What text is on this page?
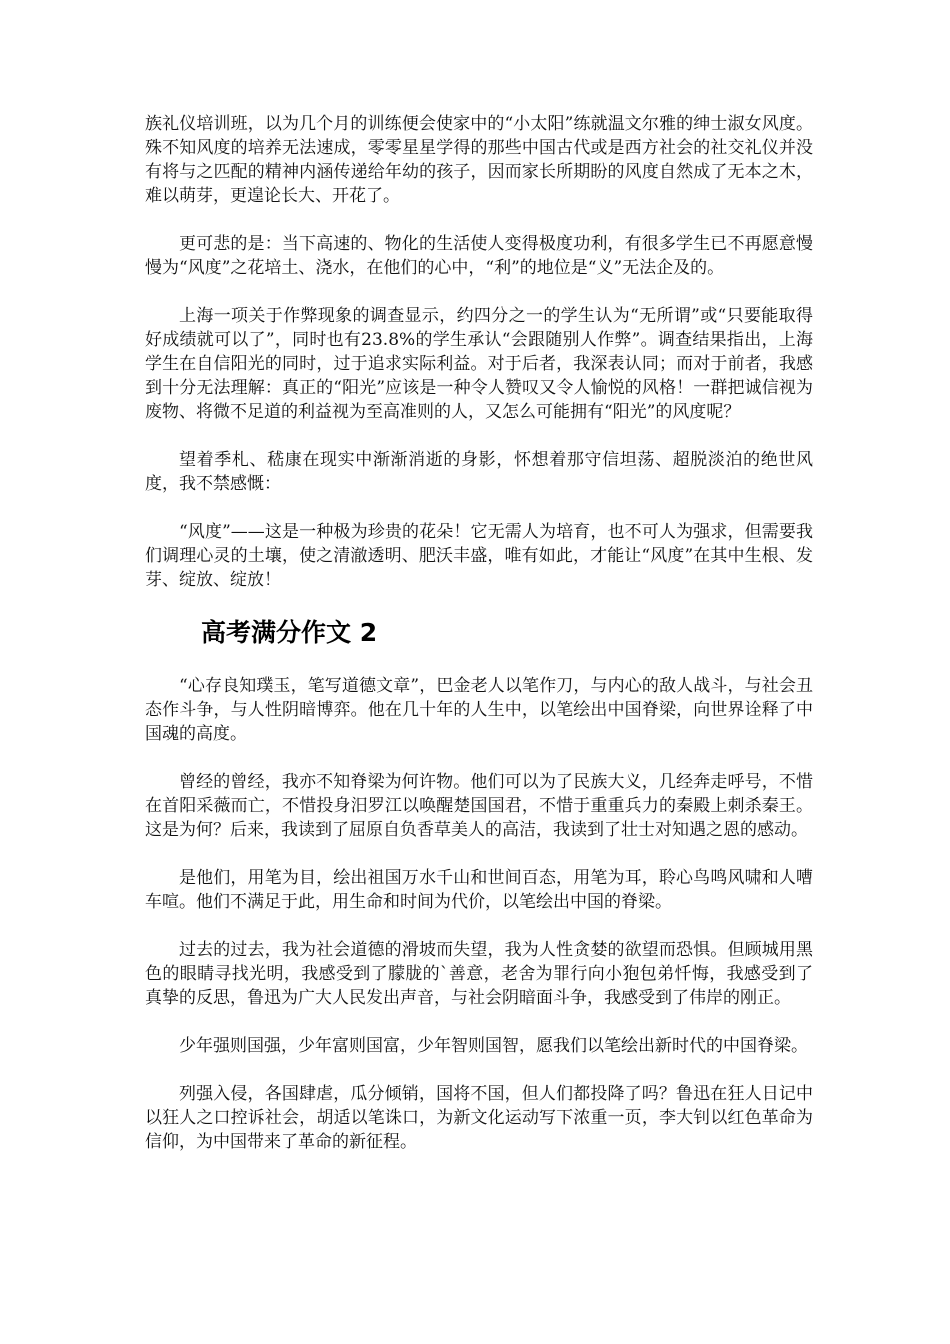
族礼仪培训班，以为几个月的训练便会使家中的“小太阳”练就温文尔雅的绅士淑女风度。殊不知风度的培养无法速成，零零星星学得的那些中国古代或是西方社会的社交礼仪并没有将与之匹配的精神内涵传递给年幼的孩子，因而家长所期盼的风度自然成了无本之木，难以萌芽，更遑论长大、开花了。

更可悲的是：当下高速的、物化的生活使人变得极度功利，有很多学生已不再愿意慢慢为“风度”之花培土、浇水，在他们的心中，“利”的地位是“义”无法企及的。

上海一项关于作弊现象的调查显示，约四分之一的学生认为“无所谓”或“只要能取得好成绩就可以了”，同时也有23.8%的学生承认“会跟随别人作弊”。调查结果指出，上海学生在自信阳光的同时，过于追求实际利益。对于后者，我深表认同；而对于前者，我感到十分无法理解：真正的“阳光”应该是一种令人赞叹又令人愉悦的风格！一群把诚信视为废物、将微不足道的利益视为至高准则的人，又怎么可能拥有“阳光”的风度呢？

望着季札、嵇康在现实中渐渐消逝的身影，怀想着那守信坦荡、超脱淡泊的绝世风度，我不禁感慨：

“风度”——这是一种极为珍贵的花朵！它无需人为培育，也不可人为强求，但需要我们调理心灵的土壤，使之清澈透明、肥沃丰盛，唯有如此，才能让“风度”在其中生根、发芽、绽放、绽放！

高考满分作文 2

“心存良知璞玉，笔写道德文章”，巴金老人以笔作刀，与内心的敌人战斗，与社会丑态作斗争，与人性阴暗博弈。他在几十年的人生中，以笔绘出中国脊梁，向世界诠释了中国魂的高度。

曾经的曾经，我亦不知脊梁为何许物。他们可以为了民族大义，几经奔走呼号，不惜在首阳采薇而亡，不惜投身汨罗江以唤醒楚国国君，不惜于重重兵力的秦殿上刺杀秦王。这是为何？后来，我读到了屈原自负香草美人的高洁，我读到了壮士对知遇之恩的感动。

是他们，用笔为目，绘出祖国万水千山和世间百态，用笔为耳，聆心鸟鸣风啸和人嘈车喧。他们不满足于此，用生命和时间为代价，以笔绘出中国的脊梁。

过去的过去，我为社会道德的滑坡而失望，我为人性贪婪的欲望而恐惧。但顾城用黑色的眼睛寻找光明，我感受到了朦胧的`善意，老舍为罪行向小狍包弟忏悔，我感受到了真挚的反思，鲁迅为广大人民发出声音，与社会阴暗面斗争，我感受到了伟岸的刚正。

少年强则国强，少年富则国富，少年智则国智，愿我们以笔绘出新时代的中国脊梁。

列强入侵，各国肆虐，瓜分倾销，国将不国，但人们都投降了吗？鲁迅在狂人日记中以狂人之口控诉社会，胡适以笔诛口，为新文化运动写下浓重一页，李大钊以红色革命为信仰，为中国带来了革命的新征程。
